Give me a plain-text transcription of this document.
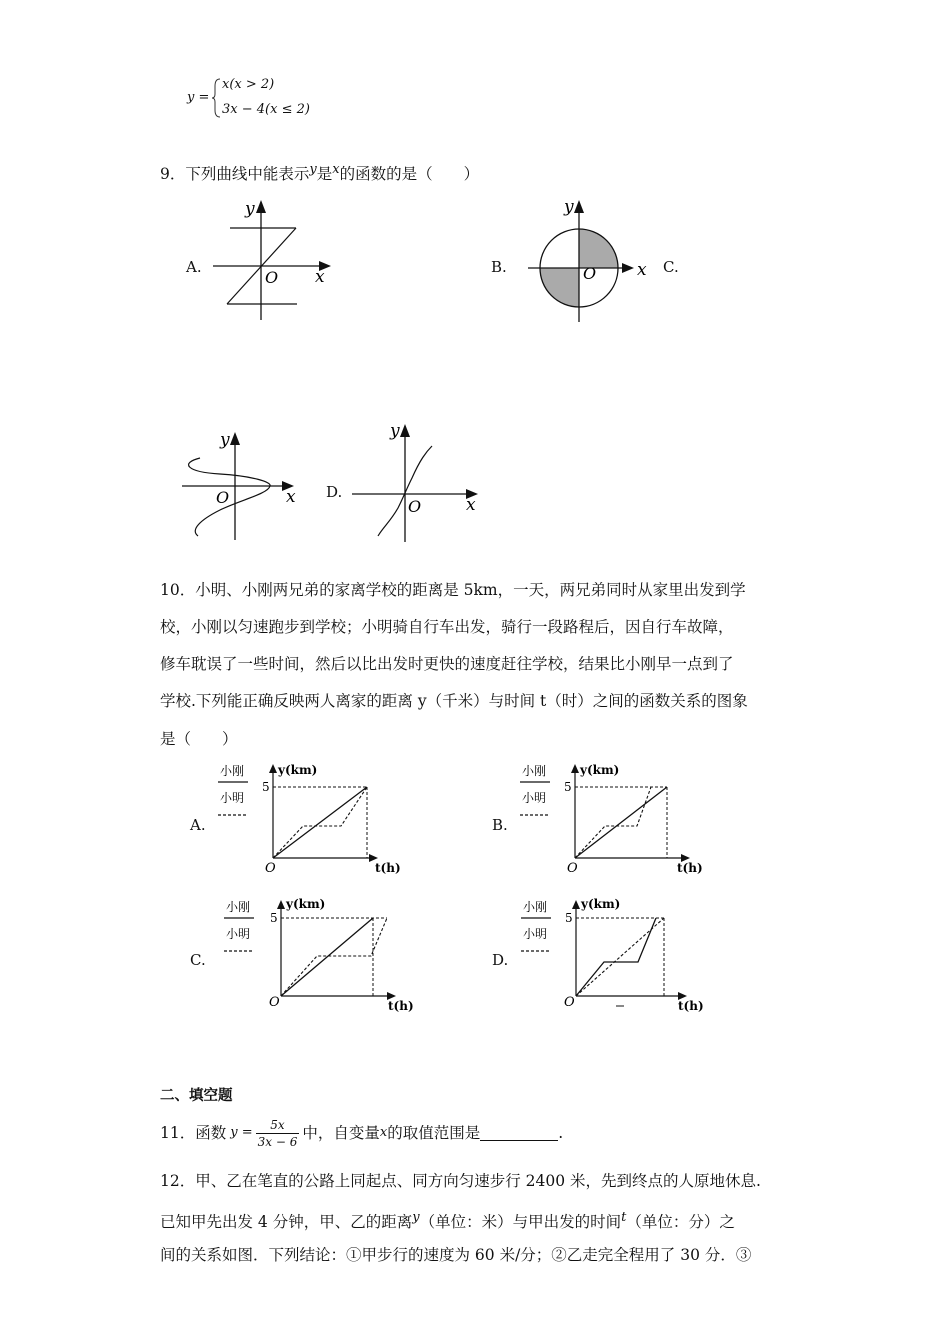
y =
x(x > 2)
3x − 4(x ≤ 2)
9．下列曲线中能表示$^y$是$^x$的函数的是（　　）
A.
y
x
O
B.
y
x
O	C.
y
x
O	D.
y
x
O
10．小明、小刚两兄弟的家离学校的距离是 5km，一天，两兄弟同时从家里出发到学
校，小刚以匀速跑步到学校；小明骑自行车出发，骑行一段路程后，因自行车故障，
修车耽误了一些时间，然后以比出发时更快的速度赶往学校，结果比小刚早一点到了
学校.下列能正确反映两人离家的距离 y（千米）与时间 t（时）之间的函数关系的图象
是（　　）
A.
小刚
小明
y(km)
5
O	t(h)
B.
小刚
小明
y(km)
5
O	t(h)
C.
小刚
小明
y(km)
5
O	t(h)
D.
小刚
小明
y(km)
5
O	t(h)
二、填空题
11． 函数 $y = \frac{5x}{3x - 6}$ 中，自变量 x 的取值范围是	.
12．甲、乙在笔直的公路上同起点、同方向匀速步行 2400 米，先到终点的人原地休息.
已知甲先出发 4 分钟，甲、乙的距离$^y$（单位：米）与甲出发的时间$^t$（单位：分）之
间的关系如图．下列结论：①甲步行的速度为 60 米/分；②乙走完全程用了 30 分．③
